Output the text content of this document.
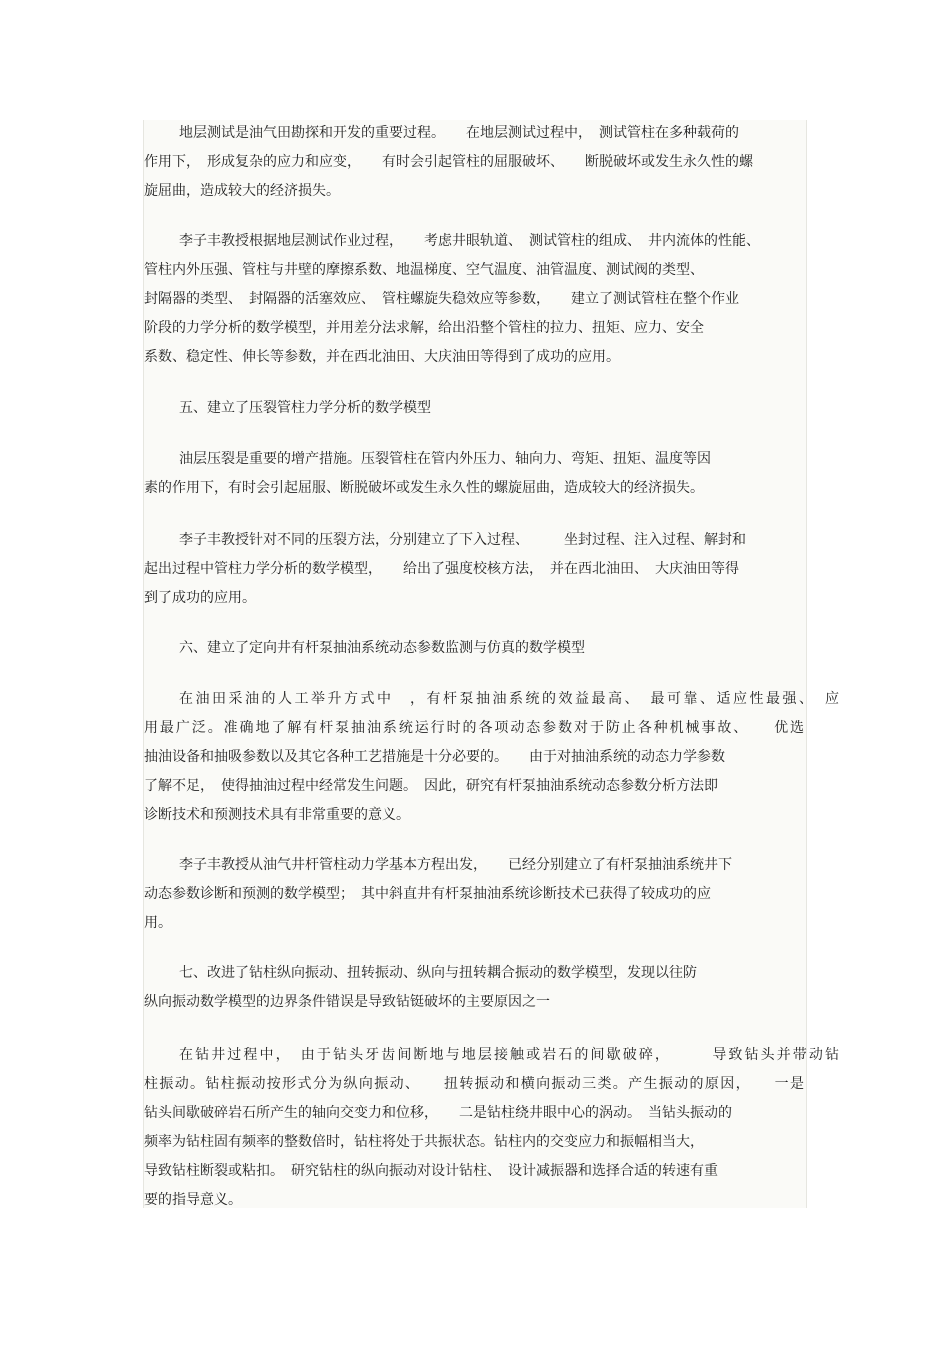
地层测试是油气田勘探和开发的重要过程。　　在地层测试过程中，　测试管柱在多种载荷的
作用下，　形成复杂的应力和应变，　　有时会引起管柱的屈服破坏、　　断脱破坏或发生永久性的螺
旋屈曲，造成较大的经济损失。
李子丰教授根据地层测试作业过程，　　考虑井眼轨道、　测试管柱的组成、　井内流体的性能、
管柱内外压强、管柱与井壁的摩擦系数、地温梯度、空气温度、油管温度、测试阀的类型、
封隔器的类型、　封隔器的活塞效应、　管柱螺旋失稳效应等参数，　　建立了测试管柱在整个作业
阶段的力学分析的数学模型，并用差分法求解，给出沿整个管柱的拉力、扭矩、应力、安全
系数、稳定性、伸长等参数，并在西北油田、大庆油田等得到了成功的应用。
五、建立了压裂管柱力学分析的数学模型
油层压裂是重要的增产措施。压裂管柱在管内外压力、轴向力、弯矩、扭矩、温度等因
素的作用下，有时会引起屈服、断脱破坏或发生永久性的螺旋屈曲，造成较大的经济损失。
李子丰教授针对不同的压裂方法，分别建立了下入过程、　　　坐封过程、注入过程、解封和
起出过程中管柱力学分析的数学模型，　　给出了强度校核方法，　并在西北油田、　大庆油田等得
到了成功的应用。
六、建立了定向井有杆泵抽油系统动态参数监测与仿真的数学模型
在油田采油的人工举升方式中　，有杆泵抽油系统的效益最高、　最可靠、适应性最强、　应
用最广泛。准确地了解有杆泵抽油系统运行时的各项动态参数对于防止各种机械事故、　　优选
抽油设备和抽吸参数以及其它各种工艺措施是十分必要的。　　由于对抽油系统的动态力学参数
了解不足，　使得抽油过程中经常发生问题。　因此，研究有杆泵抽油系统动态参数分析方法即
诊断技术和预测技术具有非常重要的意义。
李子丰教授从油气井杆管柱动力学基本方程出发，　　已经分别建立了有杆泵抽油系统井下
动态参数诊断和预测的数学模型；　其中斜直井有杆泵抽油系统诊断技术已获得了较成功的应
用。
七、改进了钻柱纵向振动、扭转振动、纵向与扭转耦合振动的数学模型，发现以往防
纵向振动数学模型的边界条件错误是导致钻铤破坏的主要原因之一
在钻井过程中，　由于钻头牙齿间断地与地层接触或岩石的间歇破碎，　　　导致钻头并带动钻
柱振动。钻柱振动按形式分为纵向振动、　　扭转振动和横向振动三类。产生振动的原因，　　一是
钻头间歇破碎岩石所产生的轴向交变力和位移，　　二是钻柱绕井眼中心的涡动。　当钻头振动的
频率为钻柱固有频率的整数倍时，钻柱将处于共振状态。钻柱内的交变应力和振幅相当大，
导致钻柱断裂或粘扣。　研究钻柱的纵向振动对设计钻柱、　设计减振器和选择合适的转速有重
要的指导意义。
